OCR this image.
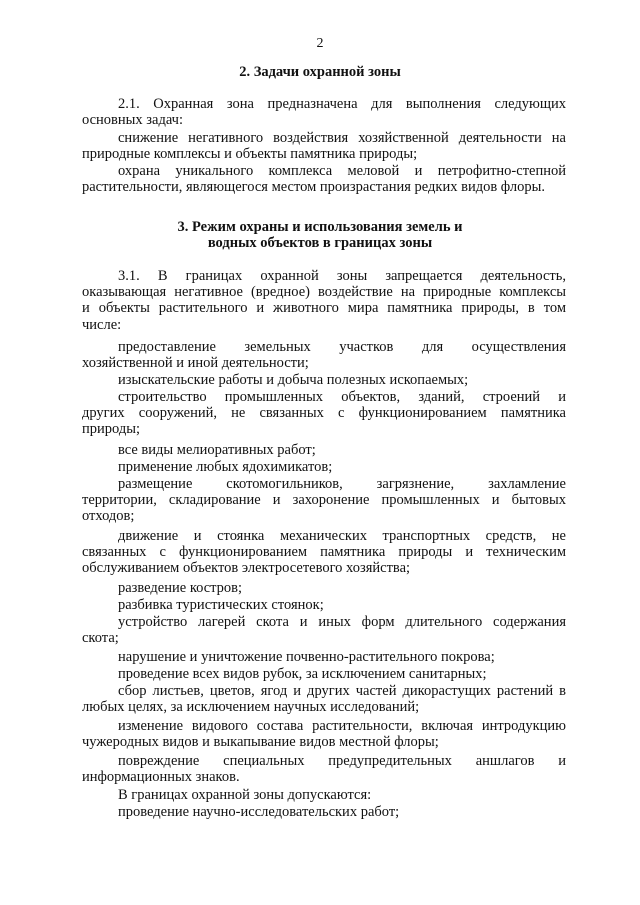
2
2. Задачи охранной зоны
2.1. Охранная зона предназначена для выполнения следующих
основных задач:
снижение негативного воздействия хозяйственной деятельности на
природные комплексы и объекты памятника природы;
охрана уникального комплекса меловой и петрофитно-степной
растительности, являющегося местом произрастания редких видов флоры.
3. Режим охраны и использования земель и
водных объектов в границах зоны
3.1. В границах охранной зоны запрещается деятельность,
оказывающая негативное (вредное) воздействие на природные комплексы
и объекты растительного и животного мира памятника природы, в том
числе:
предоставление земельных участков для осуществления
хозяйственной и иной деятельности;
изыскательские работы и добыча полезных ископаемых;
строительство промышленных объектов, зданий, строений и
других сооружений, не связанных с функционированием памятника
природы;
все виды мелиоративных работ;
применение любых ядохимикатов;
размещение скотомогильников, загрязнение, захламление
территории, складирование и захоронение промышленных и бытовых
отходов;
движение и стоянка механических транспортных средств, не
связанных с функционированием памятника природы и техническим
обслуживанием объектов электросетевого хозяйства;
разведение костров;
разбивка туристических стоянок;
устройство лагерей скота и иных форм длительного содержания
скота;
нарушение и уничтожение почвенно-растительного покрова;
проведение всех видов рубок, за исключением санитарных;
сбор листьев, цветов, ягод и других частей дикорастущих растений в
любых целях, за исключением научных исследований;
изменение видового состава растительности, включая интродукцию
чужеродных видов и выкапывание видов местной флоры;
повреждение специальных предупредительных аншлагов и
информационных знаков.
В границах охранной зоны допускаются:
проведение научно-исследовательских работ;
